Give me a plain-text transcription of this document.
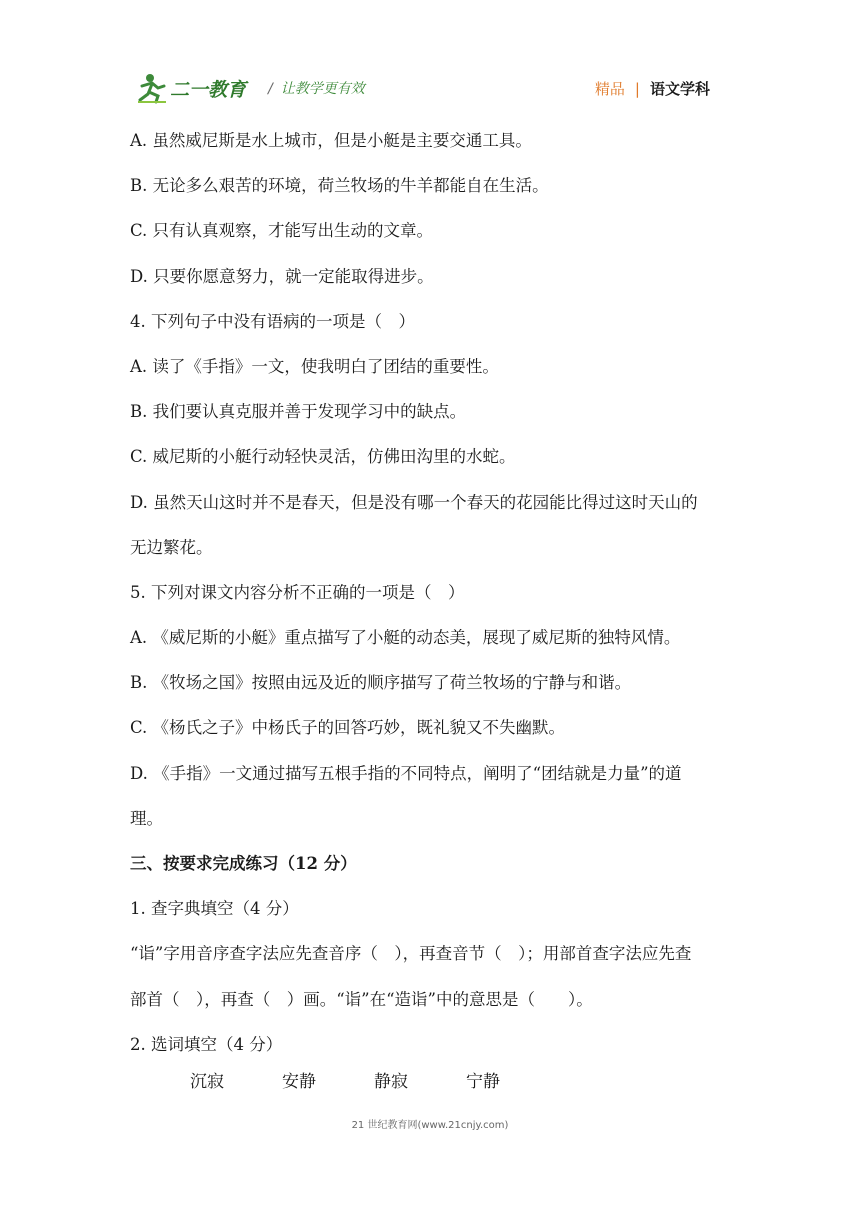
二一教育 / 让教学更有效	精品 | 语文学科
A. 虽然威尼斯是水上城市，但是小艇是主要交通工具。
B. 无论多么艰苦的环境，荷兰牧场的牛羊都能自在生活。
C. 只有认真观察，才能写出生动的文章。
D. 只要你愿意努力，就一定能取得进步。
4. 下列句子中没有语病的一项是（　）
A. 读了《手指》一文，使我明白了团结的重要性。
B. 我们要认真克服并善于发现学习中的缺点。
C. 威尼斯的小艇行动轻快灵活，仿佛田沟里的水蛇。
D. 虽然天山这时并不是春天，但是没有哪一个春天的花园能比得过这时天山的
无边繁花。
5. 下列对课文内容分析不正确的一项是（　）
A. 《威尼斯的小艇》重点描写了小艇的动态美，展现了威尼斯的独特风情。
B. 《牧场之国》按照由远及近的顺序描写了荷兰牧场的宁静与和谐。
C. 《杨氏之子》中杨氏子的回答巧妙，既礼貌又不失幽默。
D. 《手指》一文通过描写五根手指的不同特点，阐明了“团结就是力量”的道
理。
三、按要求完成练习（12 分）
1. 查字典填空（4 分）
“诣”字用音序查字法应先查音序（　），再查音节（　）；用部首查字法应先查
部首（　），再查（　）画。“诣”在“造诣”中的意思是（　　）。
2. 选词填空（4 分）
沉寂	安静	静寂	宁静
21 世纪教育网(www.21cnjy.com)
